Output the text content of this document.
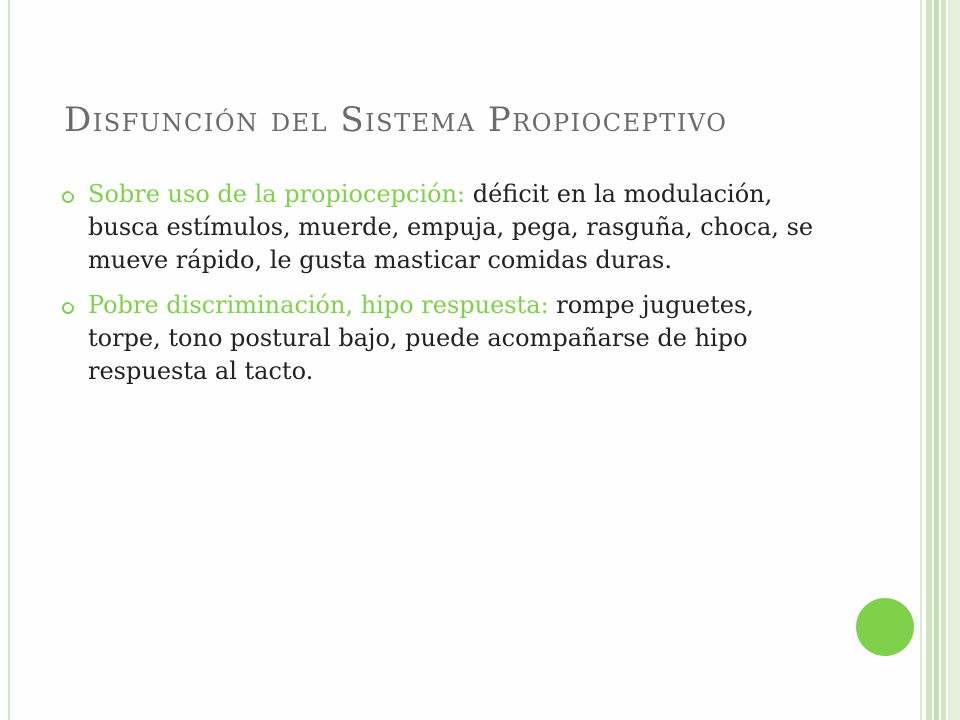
Disfunción del Sistema Propioceptivo
Sobre uso de la propiocepción: déficit en la modulación, busca estímulos, muerde, empuja, pega, rasguña, choca, se mueve rápido, le gusta masticar comidas duras.
Pobre discriminación, hipo respuesta: rompe juguetes, torpe, tono postural bajo, puede acompañarse de hipo respuesta al tacto.
